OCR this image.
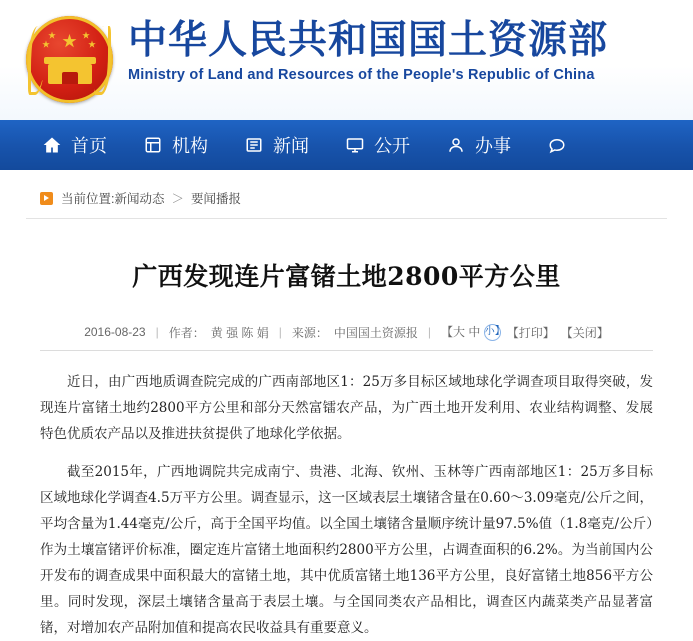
★
★
★
★
★ 中华人民共和国国土资源部
Ministry of Land and Resources of the People's Republic of China
首页	机构	新闻	公开	办事
当前位置: 新闻动态 ＞ 要闻播报
广西发现连片富锗土地2800平方公里
2016-08-23 | 作者： 黄 强 陈 娟 | 来源： 中国国土资源报 | 【大 中 小】 【打印】 【关闭】

近日，由广西地质调查院完成的广西南部地区1：25万多目标区域地球化学调查项目取得突破，发现连片富锗土地约2800平方公里和部分天然富镭农产品，为广西土地开发利用、农业结构调整、发展特色优质农产品以及推进扶贫提供了地球化学依据。

截至2015年，广西地调院共完成南宁、贵港、北海、钦州、玉林等广西南部地区1：25万多目标区域地球化学调查4.5万平方公里。调查显示，这一区域表层土壤锗含量在0.60～3.09毫克/公斤之间，平均含量为1.44毫克/公斤，高于全国平均值。以全国土壤锗含量顺序统计量97.5%值（1.8毫克/公斤）作为土壤富锗评价标准，圈定连片富锗土地面积约2800平方公里，占调查面积的6.2%。为当前国内公开发布的调查成果中面积最大的富锗土地，其中优质富锗土地136平方公里，良好富锗土地856平方公里。同时发现，深层土壤锗含量高于表层土壤。与全国同类农产品相比，调查区内蔬菜类产品显著富锗，对增加农产品附加值和提高农民收益具有重要意义。
